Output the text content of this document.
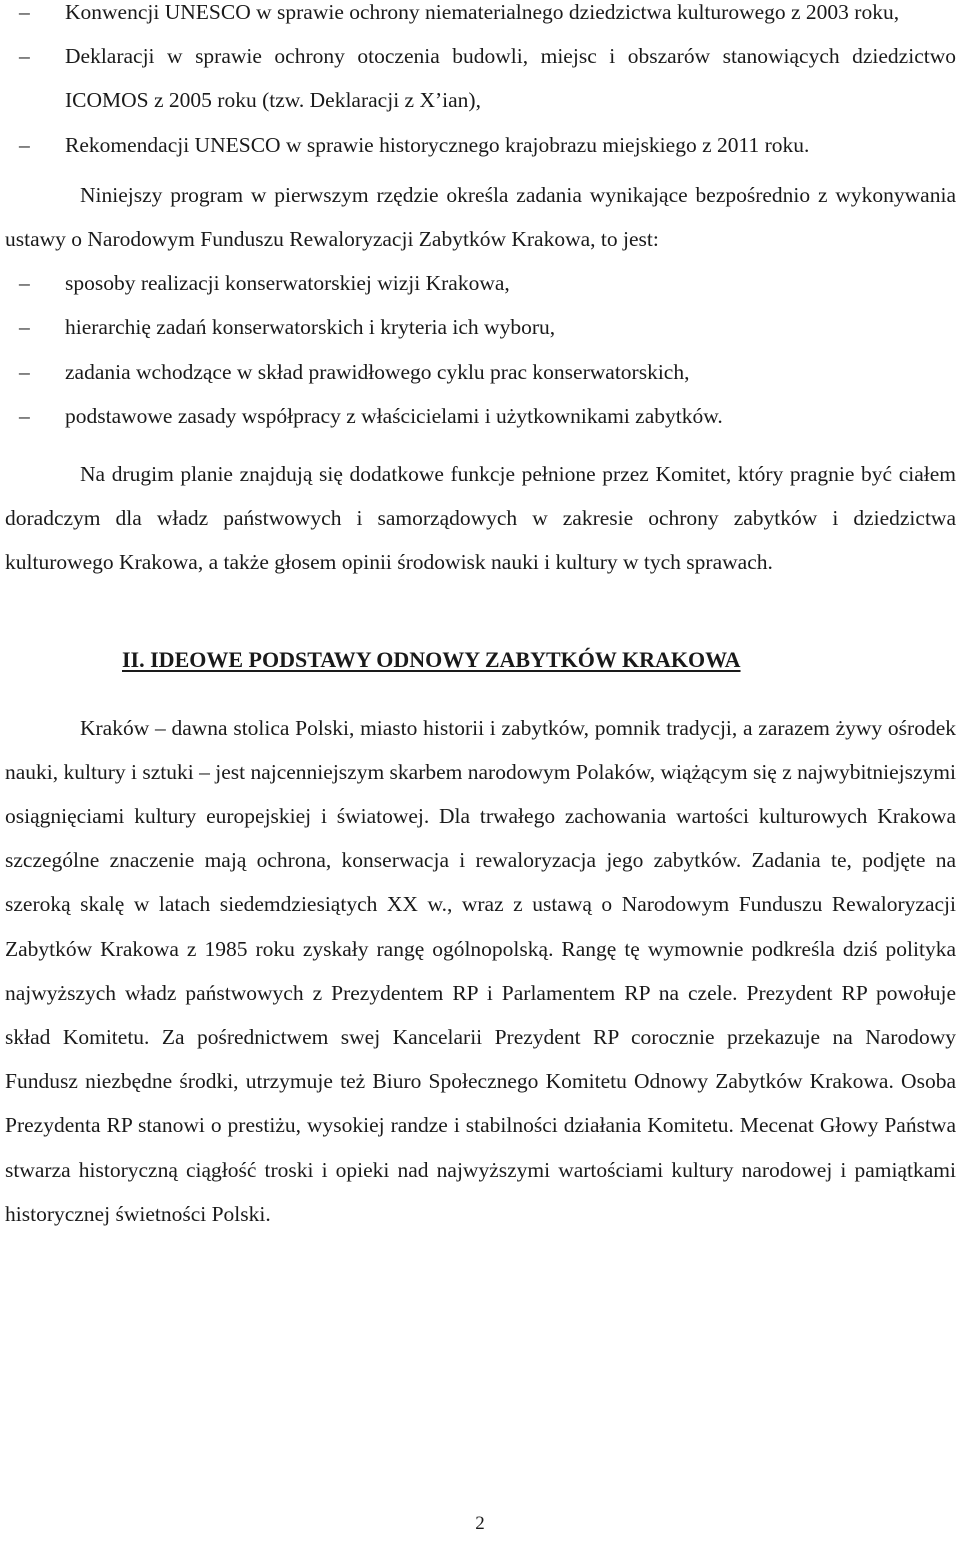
– Konwencji UNESCO w sprawie ochrony niematerialnego dziedzictwa kulturowego z 2003 roku,
– Deklaracji w sprawie ochrony otoczenia budowli, miejsc i obszarów stanowiących dziedzictwo ICOMOS z 2005 roku (tzw. Deklaracji z X’ian),
– Rekomendacji UNESCO w sprawie historycznego krajobrazu miejskiego z 2011 roku.

Niniejszy program w pierwszym rzędzie określa zadania wynikające bezpośrednio z wykonywania ustawy o Narodowym Funduszu Rewaloryzacji Zabytków Krakowa, to jest:

– sposoby realizacji konserwatorskiej wizji Krakowa,
– hierarchię zadań konserwatorskich i kryteria ich wyboru,
– zadania wchodzące w skład prawidłowego cyklu prac konserwatorskich,
– podstawowe zasady współpracy z właścicielami i użytkownikami zabytków.

Na drugim planie znajdują się dodatkowe funkcje pełnione przez Komitet, który pragnie być ciałem doradczym dla władz państwowych i samorządowych w zakresie ochrony zabytków i dziedzictwa kulturowego Krakowa, a także głosem opinii środowisk nauki i kultury w tych sprawach.

II. IDEOWE PODSTAWY ODNOWY ZABYTKÓW KRAKOWA

Kraków – dawna stolica Polski, miasto historii i zabytków, pomnik tradycji, a zarazem żywy ośrodek nauki, kultury i sztuki – jest najcenniejszym skarbem narodowym Polaków, wiążącym się z najwybitniejszymi osiągnięciami kultury europejskiej i światowej. Dla trwałego zachowania wartości kulturowych Krakowa szczególne znaczenie mają ochrona, konserwacja i rewaloryzacja jego zabytków. Zadania te, podjęte na szeroką skalę w latach siedemdziesiątych XX w., wraz z ustawą o Narodowym Funduszu Rewaloryzacji Zabytków Krakowa z 1985 roku zyskały rangę ogólnopolską. Rangę tę wymownie podkreśla dziś polityka najwyższych władz państwowych z Prezydentem RP i Parlamentem RP na czele. Prezydent RP powołuje skład Komitetu. Za pośrednictwem swej Kancelarii Prezydent RP corocznie przekazuje na Narodowy Fundusz niezbędne środki, utrzymuje też Biuro Społecznego Komitetu Odnowy Zabytków Krakowa. Osoba Prezydenta RP stanowi o prestiżu, wysokiej randze i stabilności działania Komitetu. Mecenat Głowy Państwa stwarza historyczną ciągłość troski i opieki nad najwyższymi wartościami kultury narodowej i pamiątkami historycznej świetności Polski.

2
